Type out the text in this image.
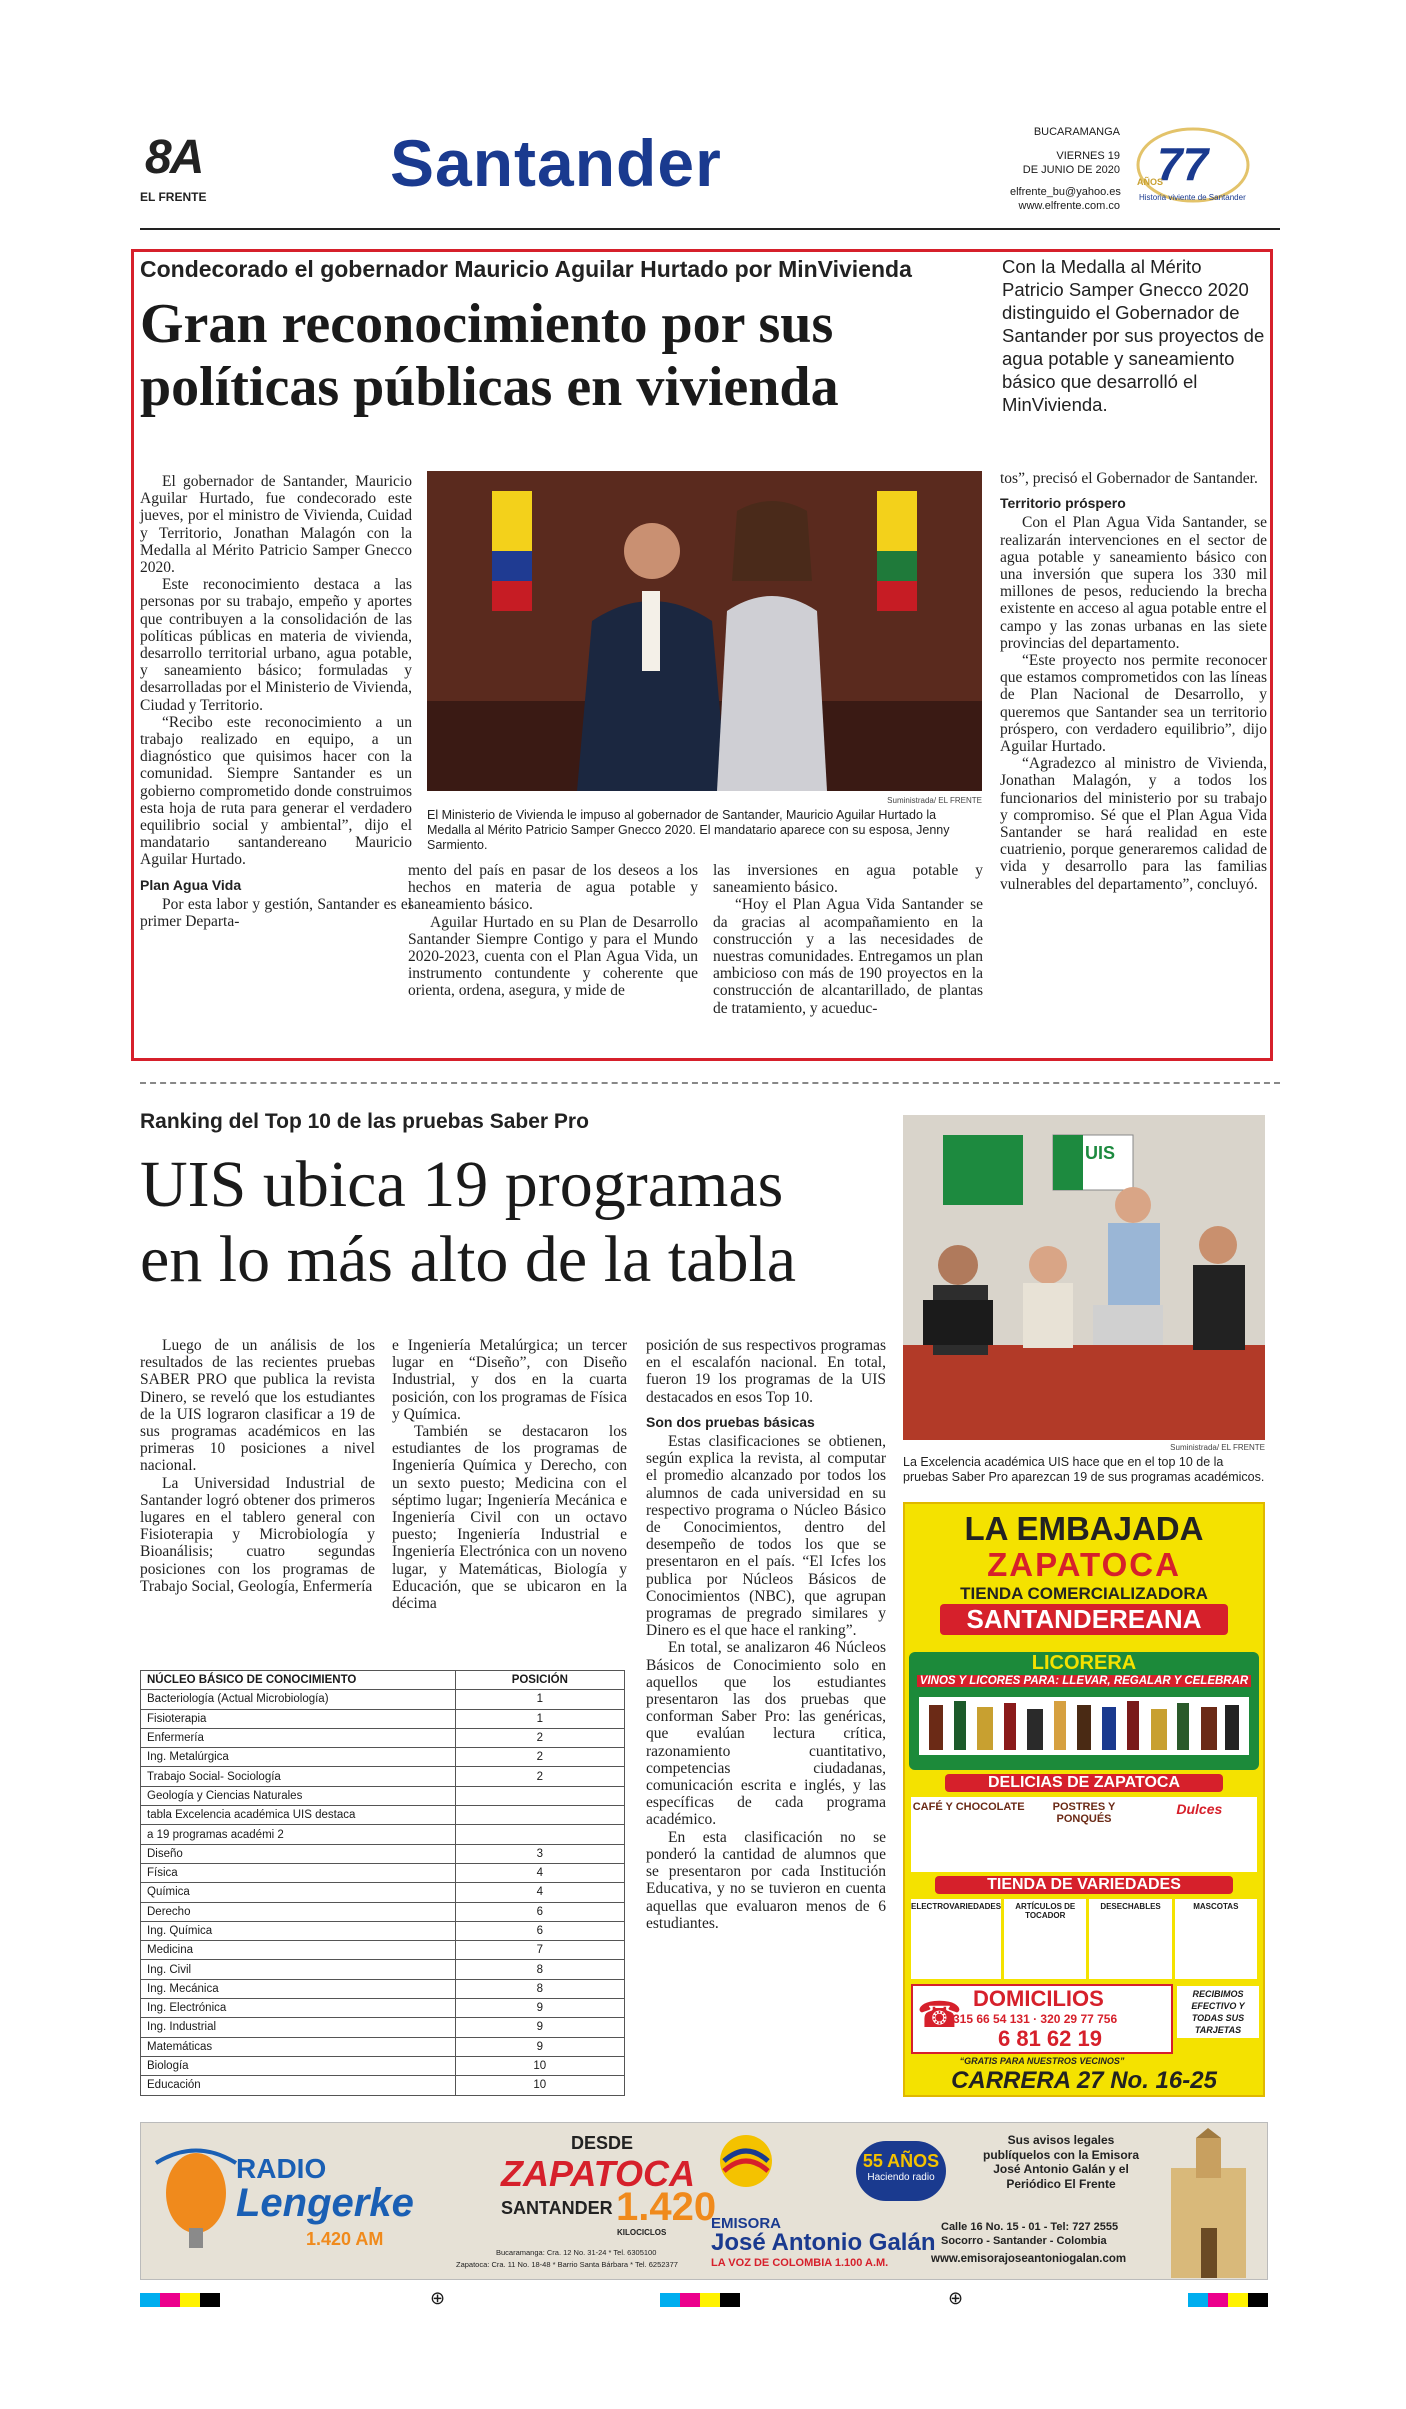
8A
EL FRENTE	Santander	BUCARAMANGA
VIERNES 19
DE JUNIO DE 2020
elfrente_bu@yahoo.es
www.elfrente.com.co
77
AÑOS
Historia viviente de Santander
Condecorado el gobernador Mauricio Aguilar Hurtado por MinVivienda
Gran reconocimiento por sus políticas públicas en vivienda
Con la Medalla al Mérito Patricio Samper Gnecco 2020 distinguido el Gobernador de Santander por sus proyectos de agua potable y saneamiento básico que desarrolló el MinVivienda.
Suministrada/ EL FRENTE
El Ministerio de Vivienda le impuso al gobernador de Santander, Mauricio Aguilar Hurtado la Medalla al Mérito Patricio Samper Gnecco 2020. El mandatario aparece con su esposa, Jenny Sarmiento.

El gobernador de Santander, Mauricio Aguilar Hurtado, fue condecorado este jueves, por el ministro de Vivienda, Cuidad y Territorio, Jonathan Malagón con la Medalla al Mérito Patricio Samper Gnecco 2020.

Este reconocimiento destaca a las personas por su trabajo, empeño y aportes que contribuyen a la consolidación de las políticas públicas en materia de vivienda, desarrollo territorial urbano, agua potable, y saneamiento básico; formuladas y desarrolladas por el Ministerio de Vivienda, Ciudad y Territorio.

“Recibo este reconocimiento a un trabajo realizado en equipo, a un diagnóstico que quisimos hacer con la comunidad. Siempre Santander es un gobierno comprometido donde construimos esta hoja de ruta para generar el verdadero equilibrio social y ambiental”, dijo el mandatario santandereano Mauricio Aguilar Hurtado.

Plan Agua Vida

Por esta labor y gestión, Santander es el primer Departa-

mento del país en pasar de los deseos a los hechos en materia de agua potable y saneamiento básico.

Aguilar Hurtado en su Plan de Desarrollo Santander Siempre Contigo y para el Mundo 2020-2023, cuenta con el Plan Agua Vida, un instrumento contundente y coherente que orienta, ordena, asegura, y mide de

las inversiones en agua potable y saneamiento básico.

“Hoy el Plan Agua Vida Santander se da gracias al acompañamiento en la construcción y a las necesidades de nuestras comunidades. Entregamos un plan ambicioso con más de 190 proyectos en la construcción de alcantarillado, de plantas de tratamiento, y acueduc-

tos”, precisó el Gobernador de Santander.

Territorio próspero

Con el Plan Agua Vida Santander, se realizarán intervenciones en el sector de agua potable y saneamiento básico con una inversión que supera los 330 mil millones de pesos, reduciendo la brecha existente en acceso al agua potable entre el campo y las zonas urbanas en las siete provincias del departamento.

“Este proyecto nos permite reconocer que estamos comprometidos con las líneas de Plan Nacional de Desarrollo, y queremos que Santander sea un territorio próspero, con verdadero equilibrio”, dijo Aguilar Hurtado.

“Agradezco al ministro de Vivienda, Jonathan Malagón, y a todos los funcionarios del ministerio por su trabajo y compromiso. Sé que el Plan Agua Vida Santander se hará realidad en este cuatrienio, porque generaremos calidad de vida y desarrollo para las familias vulnerables del departamento”, concluyó.

Ranking del Top 10 de las pruebas Saber Pro
UIS ubica 19 programas
en lo más alto de la tabla
UIS
Suministrada/ EL FRENTE
La Excelencia académica UIS hace que en el top 10 de la pruebas Saber Pro aparezcan 19 de sus programas académicos.

Luego de un análisis de los resultados de las recientes pruebas SABER PRO que publica la revista Dinero, se reveló que los estudiantes de la UIS lograron clasificar a 19 de sus programas académicos en las primeras 10 posiciones a nivel nacional.

La Universidad Industrial de Santander logró obtener dos primeros lugares en el tablero general con Fisioterapia y Microbiología y Bioanálisis; cuatro segundas posiciones con los programas de Trabajo Social, Geología, Enfermería

e Ingeniería Metalúrgica; un tercer lugar en “Diseño”, con Diseño Industrial, y dos en la cuarta posición, con los programas de Física y Química.

También se destacaron los estudiantes de los programas de Ingeniería Química y Derecho, con un sexto puesto; Medicina con el séptimo lugar; Ingeniería Mecánica e Ingeniería Civil con un octavo puesto; Ingeniería Industrial e Ingeniería Electrónica con un noveno lugar, y Matemáticas, Biología y Educación, que se ubicaron en la décima

posición de sus respectivos programas en el escalafón nacional. En total, fueron 19 los programas de la UIS destacados en esos Top 10.

Son dos pruebas básicas

Estas clasificaciones se obtienen, según explica la revista, al computar el promedio alcanzado por todos los alumnos de cada universidad en su respectivo programa o Núcleo Básico de Conocimientos, dentro del desempeño de todos los que se presentaron en el país. “El Icfes los publica por Núcleos Básicos de Conocimientos (NBC), que agrupan programas de pregrado similares y Dinero es el que hace el ranking”.

En total, se analizaron 46 Núcleos Básicos de Conocimiento solo en aquellos que los estudiantes presentaron las dos pruebas que conforman Saber Pro: las genéricas, que evalúan lectura crítica, razonamiento cuantitativo, competencias ciudadanas, comunicación escrita e inglés, y las específicas de cada programa académico.

En esta clasificación no se ponderó la cantidad de alumnos que se presentaron por cada Institución Educativa, y no se tuvieron en cuenta aquellas que evaluaron menos de 6 estudiantes.

NÚCLEO BÁSICO DE CONOCIMIENTO	POSICIÓN
Bacteriología (Actual Microbiología)	1
Fisioterapia	1
Enfermería	2
Ing. Metalúrgica	2
Trabajo Social- Sociología	2
Geología y Ciencias Naturales	
tabla Excelencia académica UIS destaca	
a 19 programas académi 2	
Diseño	3
Física	4
Química	4
Derecho	6
Ing. Química	6
Medicina	7
Ing. Civil	8
Ing. Mecánica	8
Ing. Electrónica	9
Ing. Industrial	9
Matemáticas	9
Biología	10
Educación	10
LA EMBAJADA
ZAPATOCA
TIENDA COMERCIALIZADORA
SANTANDEREANA
LICORERA
VINOS Y LICORES PARA: LLEVAR, REGALAR Y CELEBRAR
DELICIAS DE ZAPATOCA
CAFÉ Y CHOCOLATE	POSTRES Y PONQUÉS
Dulces
TIENDA DE VARIEDADES
ELECTROVARIEDADES	ARTÍCULOS DE TOCADOR
DESECHABLES	MASCOTAS
☎ DOMICILIOS
315 66 54 131 · 320 29 77 756
6 81 62 19
RECIBIMOS EFECTIVO Y TODAS SUS TARJETAS
“GRATIS PARA NUESTROS VECINOS”
CARRERA 27 No. 16-25
RADIO
Lengerke
1.420 AM
DESDE
ZAPATOCA
SANTANDER 1.420
KILOCICLOS
Bucaramanga: Cra. 12 No. 31-24 * Tel. 6305100
Zapatoca: Cra. 11 No. 18-48 * Barrio Santa Bárbara * Tel. 6252377
EMISORA
José Antonio Galán
LA VOZ DE COLOMBIA 1.100 A.M.
55 AÑOS
Haciendo radio
Sus avisos legales publíquelos con la Emisora José Antonio Galán y el Periódico El Frente
Calle 16 No. 15 - 01 - Tel: 727 2555
Socorro - Santander - Colombia
www.emisorajoseantoniogalan.com
⊕	⊕
